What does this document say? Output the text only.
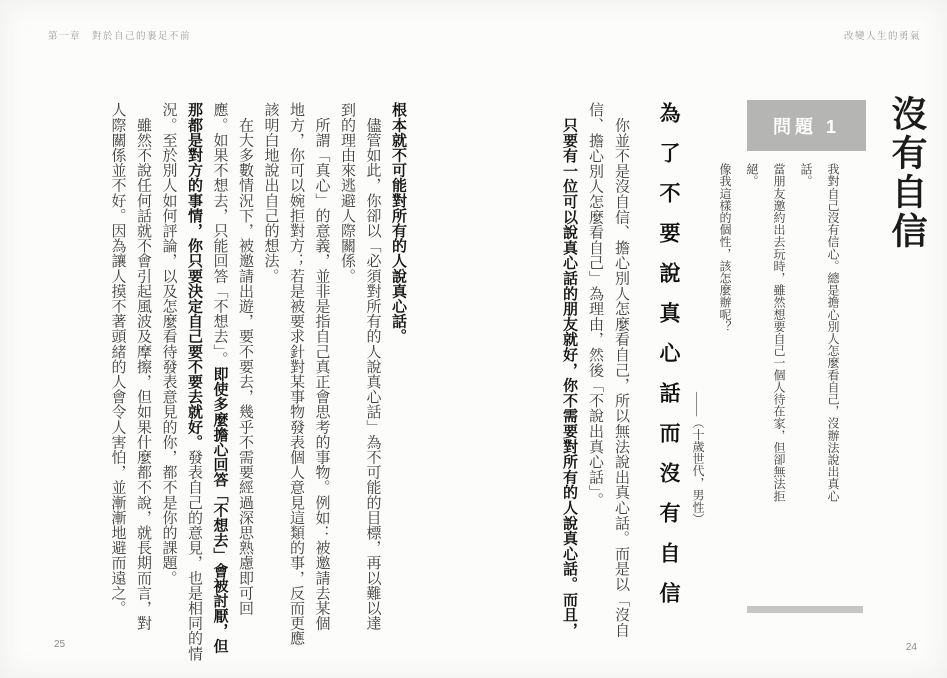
第一章　對於自己的裹足不前	改變人生的勇氣
沒有自信
問題 1
我對自己沒有信心。總是擔心別人怎麼看自己，沒辦法說出真心話。
當朋友邀約出去玩時，雖然想要自己一個人待在家，但卻無法拒絕。
像我這樣的個性，該怎麼辦呢？
——（十歲世代，男性）
24
為了不要說真心話而沒有自信
　你並不是沒自信、擔心別人怎麼看自己，所以無法說出真心話。而是以「沒自
信、擔心別人怎麼看自己」為理由，然後「不說出真心話」。
　只要有一位可以說真心話的朋友就好，你不需要對所有的人說真心話。而且，
根本就不可能對所有的人說真心話。
　儘管如此，你卻以「必須對所有的人說真心話」為不可能的目標，再以難以達
到的理由來逃避人際關係。
　所謂「真心」的意義，並非是指自己真正會思考的事物。例如：被邀請去某個
地方，你可以婉拒對方；若是被要求針對某事物發表個人意見這類的事，反而更應
該明白地說出自己的想法。
　在大多數情況下，被邀請出遊，要不要去，幾乎不需要經過深思熟慮即可回
應。如果不想去，只能回答「不想去」。即使多麼擔心回答「不想去」會被討厭，但
那都是對方的事情，你只要決定自己要不要去就好。發表自己的意見，也是相同的情
況。至於別人如何評論，以及怎麼看待發表意見的你，都不是你的課題。
　雖然不說任何話就不會引起風波及摩擦，但如果什麼都不說，就長期而言，對
人際關係並不好。因為讓人摸不著頭緒的人會令人害怕，並漸漸地避而遠之。
25
